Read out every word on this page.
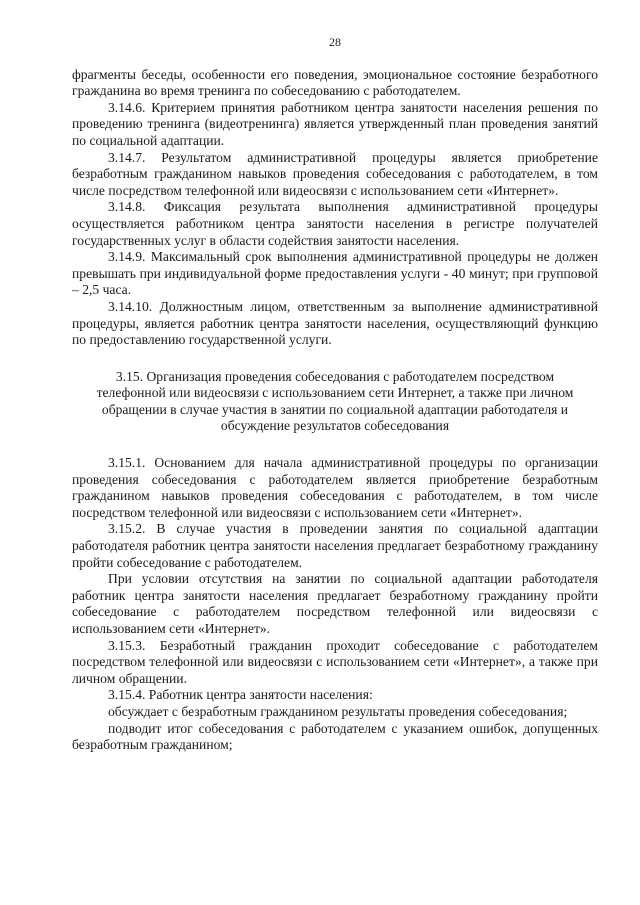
28

фрагменты беседы, особенности его поведения, эмоциональное состояние безработного гражданина во время тренинга по собеседованию с работодателем.

3.14.6. Критерием принятия работником центра занятости населения решения по проведению тренинга (видеотренинга) является утвержденный план проведения занятий по социальной адаптации.

3.14.7. Результатом административной процедуры является приобретение безработным гражданином навыков проведения собеседования с работодателем, в том числе посредством телефонной или видеосвязи с использованием сети «Интернет».

3.14.8. Фиксация результата выполнения административной процедуры осуществляется работником центра занятости населения в регистре получателей государственных услуг в области содействия занятости населения.

3.14.9. Максимальный срок выполнения административной процедуры не должен превышать при индивидуальной форме предоставления услуги - 40 минут; при групповой – 2,5 часа.

3.14.10. Должностным лицом, ответственным за выполнение административной процедуры, является работник центра занятости населения, осуществляющий функцию по предоставлению государственной услуги.

3.15. Организация проведения собеседования с работодателем посредством телефонной или видеосвязи с использованием сети Интернет, а также при личном обращении в случае участия в занятии по социальной адаптации работодателя и обсуждение результатов собеседования

3.15.1. Основанием для начала административной процедуры по организации проведения собеседования с работодателем является приобретение безработным гражданином навыков проведения собеседования с работодателем, в том числе посредством телефонной или видеосвязи с использованием сети «Интернет».

3.15.2. В случае участия в проведении занятия по социальной адаптации работодателя работник центра занятости населения предлагает безработному гражданину пройти собеседование с работодателем.

При условии отсутствия на занятии по социальной адаптации работодателя работник центра занятости населения предлагает безработному гражданину пройти собеседование с работодателем посредством телефонной или видеосвязи с использованием сети «Интернет».

3.15.3. Безработный гражданин проходит собеседование с работодателем посредством телефонной или видеосвязи с использованием сети «Интернет», а также при личном обращении.

3.15.4. Работник центра занятости населения:

обсуждает с безработным гражданином результаты проведения собеседования;

подводит итог собеседования с работодателем с указанием ошибок, допущенных безработным гражданином;
